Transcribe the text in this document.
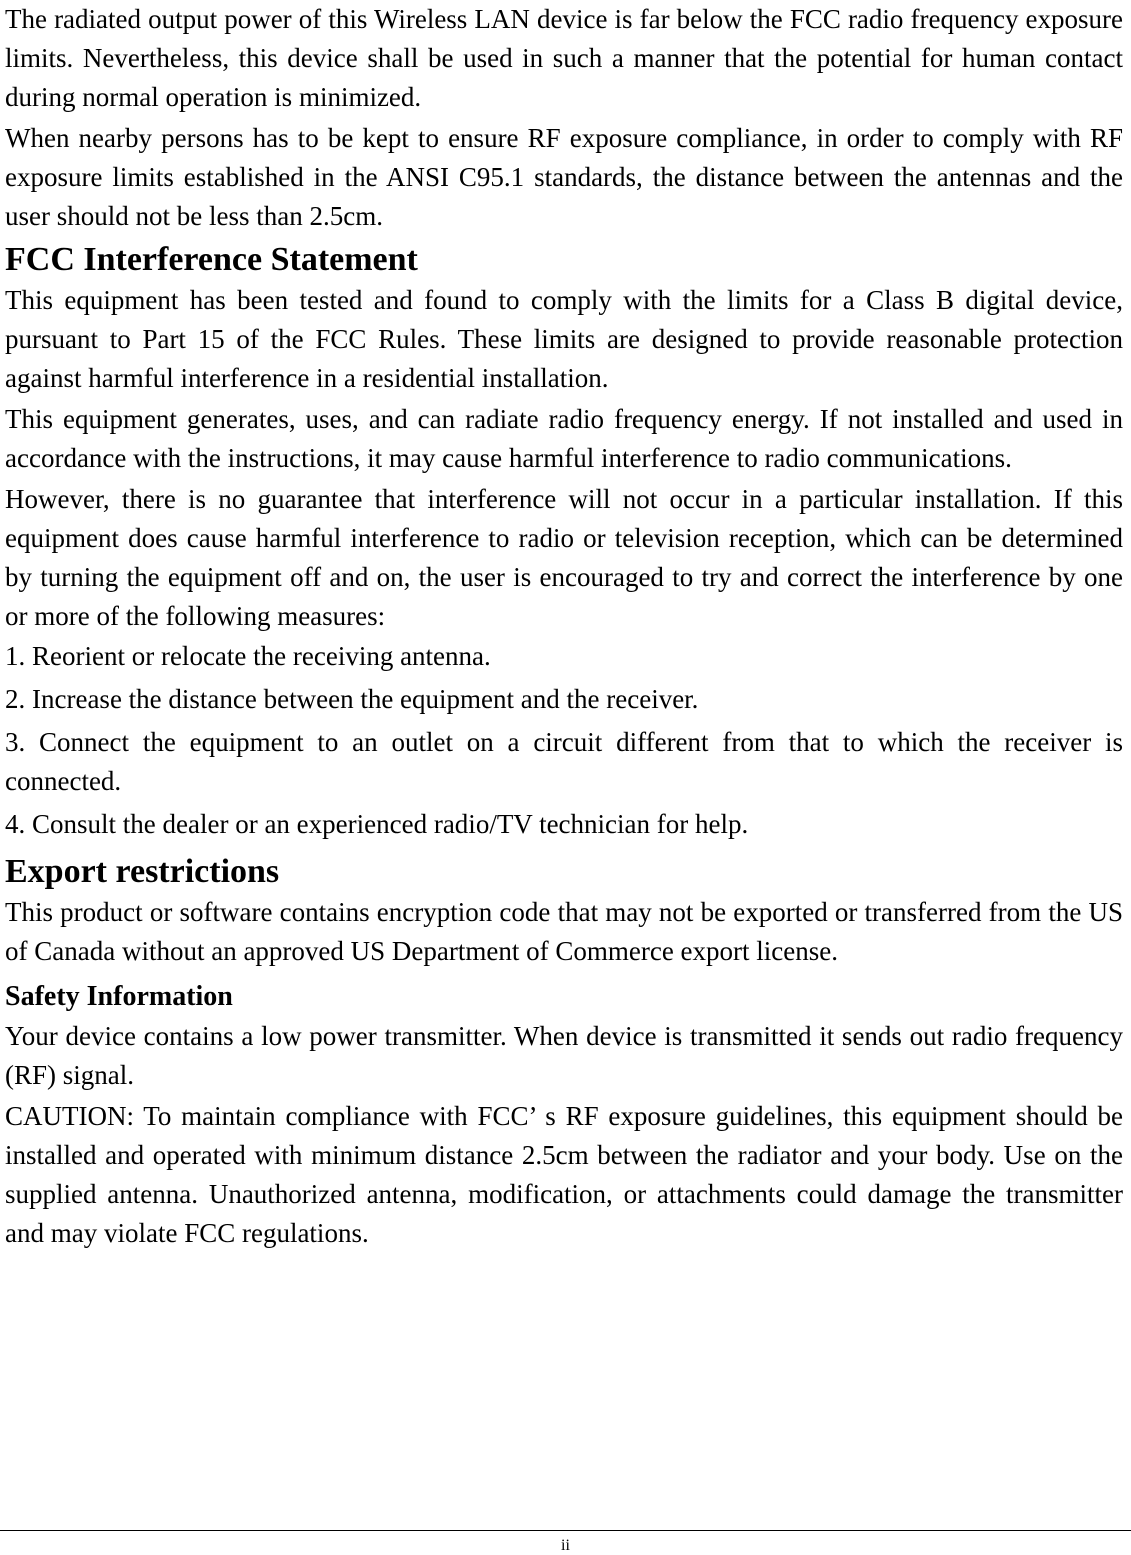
The radiated output power of this Wireless LAN device is far below the FCC radio frequency exposure limits. Nevertheless, this device shall be used in such a manner that the potential for human contact during normal operation is minimized.

When nearby persons has to be kept to ensure RF exposure compliance, in order to comply with RF exposure limits established in the ANSI C95.1 standards, the distance between the antennas and the user should not be less than 2.5cm.

FCC Interference Statement

This equipment has been tested and found to comply with the limits for a Class B digital device, pursuant to Part 15 of the FCC Rules. These limits are designed to provide reasonable protection against harmful interference in a residential installation.

This equipment generates, uses, and can radiate radio frequency energy. If not installed and used in accordance with the instructions, it may cause harmful interference to radio communications.

However, there is no guarantee that interference will not occur in a particular installation. If this equipment does cause harmful interference to radio or television reception, which can be determined by turning the equipment off and on, the user is encouraged to try and correct the interference by one or more of the following measures:

1. Reorient or relocate the receiving antenna.

2. Increase the distance between the equipment and the receiver.

3. Connect the equipment to an outlet on a circuit different from that to which the receiver is connected.

4. Consult the dealer or an experienced radio/TV technician for help.

Export restrictions

This product or software contains encryption code that may not be exported or transferred from the US of Canada without an approved US Department of Commerce export license.

Safety Information

Your device contains a low power transmitter. When device is transmitted it sends out radio frequency (RF) signal.

CAUTION: To maintain compliance with FCC’ s RF exposure guidelines, this equipment should be installed and operated with minimum distance 2.5cm between the radiator and your body. Use on the supplied antenna. Unauthorized antenna, modification, or attachments could damage the transmitter and may violate FCC regulations.

ii
